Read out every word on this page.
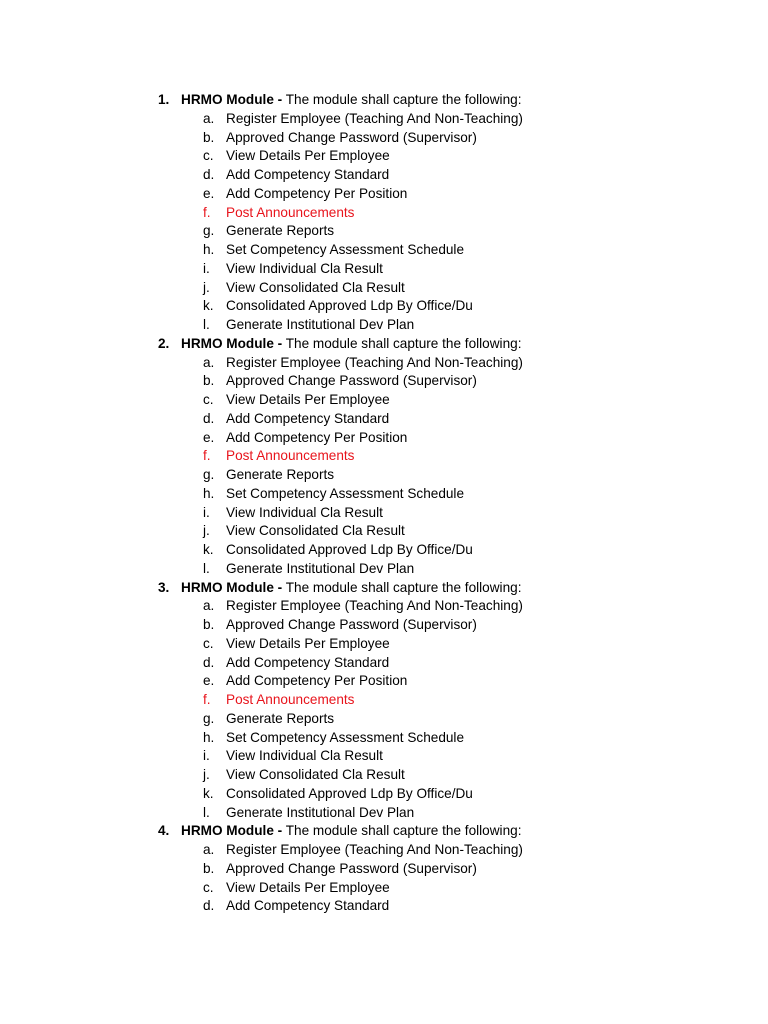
1. HRMO Module - The module shall capture the following:
a. Register Employee (Teaching And Non-Teaching)
b. Approved Change Password (Supervisor)
c. View Details Per Employee
d. Add Competency Standard
e. Add Competency Per Position
f. Post Announcements
g. Generate Reports
h. Set Competency Assessment Schedule
i. View Individual Cla Result
j. View Consolidated Cla Result
k. Consolidated Approved Ldp By Office/Du
l. Generate Institutional Dev Plan
2. HRMO Module - The module shall capture the following:
a. Register Employee (Teaching And Non-Teaching)
b. Approved Change Password (Supervisor)
c. View Details Per Employee
d. Add Competency Standard
e. Add Competency Per Position
f. Post Announcements
g. Generate Reports
h. Set Competency Assessment Schedule
i. View Individual Cla Result
j. View Consolidated Cla Result
k. Consolidated Approved Ldp By Office/Du
l. Generate Institutional Dev Plan
3. HRMO Module - The module shall capture the following:
a. Register Employee (Teaching And Non-Teaching)
b. Approved Change Password (Supervisor)
c. View Details Per Employee
d. Add Competency Standard
e. Add Competency Per Position
f. Post Announcements
g. Generate Reports
h. Set Competency Assessment Schedule
i. View Individual Cla Result
j. View Consolidated Cla Result
k. Consolidated Approved Ldp By Office/Du
l. Generate Institutional Dev Plan
4. HRMO Module - The module shall capture the following:
a. Register Employee (Teaching And Non-Teaching)
b. Approved Change Password (Supervisor)
c. View Details Per Employee
d. Add Competency Standard
